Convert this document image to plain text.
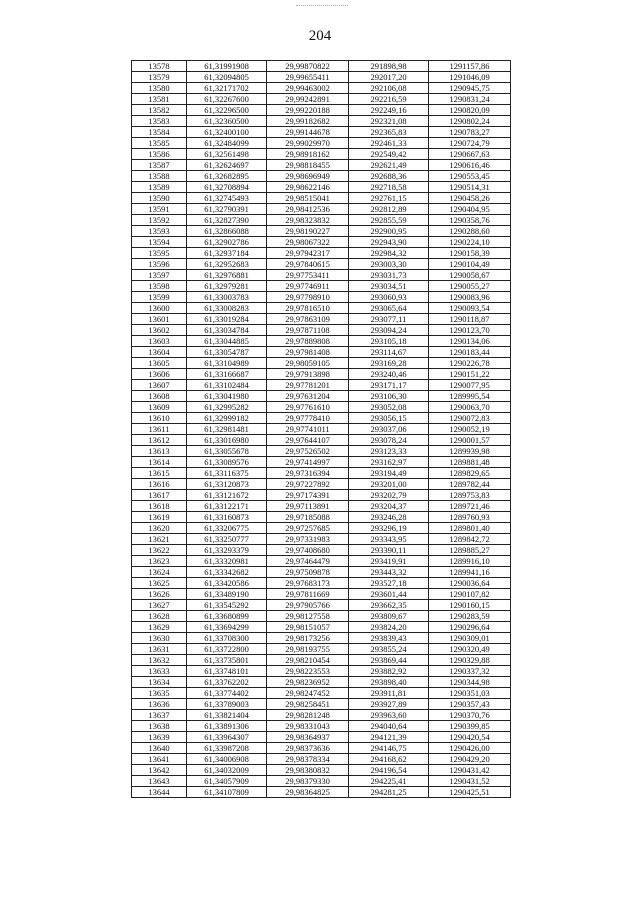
204
13578	61,31991908	29,99870822	291898,98	1291157,86
13579	61,32094805	29,99655411	292017,20	1291046,09
13580	61,32171702	29,99463002	292106,08	1290945,75
13581	61,32267600	29,99242891	292216,59	1290831,24
13582	61,32296500	29,99220188	292249,16	1290820,09
13583	61,32360500	29,99182682	292321,08	1290802,24
13584	61,32400100	29,99144678	292365,83	1290783,27
13585	61,32484099	29,99029970	292461,33	1290724,79
13586	61,32561498	29,98918162	292549,42	1290667,63
13587	61,32624697	29,98818455	292621,49	1290616,46
13588	61,32682895	29,98696949	292688,36	1290553,45
13589	61,32708894	29,98622146	292718,58	1290514,31
13590	61,32745493	29,98515041	292761,15	1290458,26
13591	61,32790391	29,98412536	292812,89	1290404,95
13592	61,32827390	29,98323832	292855,59	1290358,76
13593	61,32866088	29,98190227	292900,95	1290288,60
13594	61,32902786	29,98067322	292943,90	1290224,10
13595	61,32937184	29,97942317	292984,32	1290158,39
13596	61,32952683	29,97840615	293003,30	1290104,49
13597	61,32976881	29,97753411	293031,73	1290058,67
13598	61,32979281	29,97746911	293034,51	1290055,27
13599	61,33003783	29,97798910	293060,93	1290083,96
13600	61,33008283	29,97816510	293065,64	1290093,54
13601	61,33019284	29,97863109	293077,11	1290118,87
13602	61,33034784	29,97871108	293094,24	1290123,70
13603	61,33044885	29,97889808	293105,18	1290134,06
13604	61,33054787	29,97981408	293114,67	1290183,44
13605	61,33104989	29,98059105	293169,28	1290226,78
13606	61,33166687	29,97913898	293240,46	1290151,22
13607	61,33102484	29,97781201	293171,17	1290077,95
13608	61,33041980	29,97631204	293106,30	1289995,54
13609	61,32995282	29,97761610	293052,08	1290063,70
13610	61,32999182	29,97778410	293056,15	1290072,83
13611	61,32981481	29,97741011	293037,06	1290052,19
13612	61,33016980	29,97644107	293078,24	1290001,57
13613	61,33055678	29,97526502	293123,33	1289939,98
13614	61,33089576	29,97414997	293162,97	1289881,48
13615	61,33116375	29,97316394	293194,49	1289829,65
13616	61,33120873	29,97227892	293201,00	1289782,44
13617	61,33121672	29,97174391	293202,79	1289753,83
13618	61,33122171	29,97113891	293204,37	1289721,46
13619	61,33160873	29,97185088	293246,28	1289760,93
13620	61,33206775	29,97257685	293296,19	1289801,40
13621	61,33250777	29,97331983	293343,95	1289842,72
13622	61,33293379	29,97408680	293390,11	1289885,27
13623	61,33320981	29,97464479	293419,91	1289916,10
13624	61,33342682	29,97509878	293443,32	1289941,16
13625	61,33420586	29,97683173	293527,18	1290036,64
13626	61,33489190	29,97811669	293601,44	1290107,82
13627	61,33545292	29,97905766	293662,35	1290160,15
13628	61,33680899	29,98127558	293809,67	1290283,59
13629	61,33694299	29,98151057	293824,20	1290296,64
13630	61,33708300	29,98173256	293839,43	1290309,01
13631	61,33722800	29,98193755	293855,24	1290320,49
13632	61,33735801	29,98210454	293869,44	1290329,88
13633	61,33748101	29,98223553	293882,92	1290337,32
13634	61,33762202	29,98236952	293898,40	1290344,98
13635	61,33774402	29,98247452	293911,81	1290351,03
13636	61,33789003	29,98258451	293927,89	1290357,43
13637	61,33821404	29,98281248	293963,60	1290370,76
13638	61,33891306	29,98331043	294040,64	1290399,85
13639	61,33964307	29,98364937	294121,39	1290420,54
13640	61,33987208	29,98373636	294146,75	1290426,00
13641	61,34006908	29,98378334	294168,62	1290429,20
13642	61,34032009	29,98380832	294196,54	1290431,42
13643	61,34057909	29,98379330	294225,41	1290431,52
13644	61,34107809	29,98364825	294281,25	1290425,51
